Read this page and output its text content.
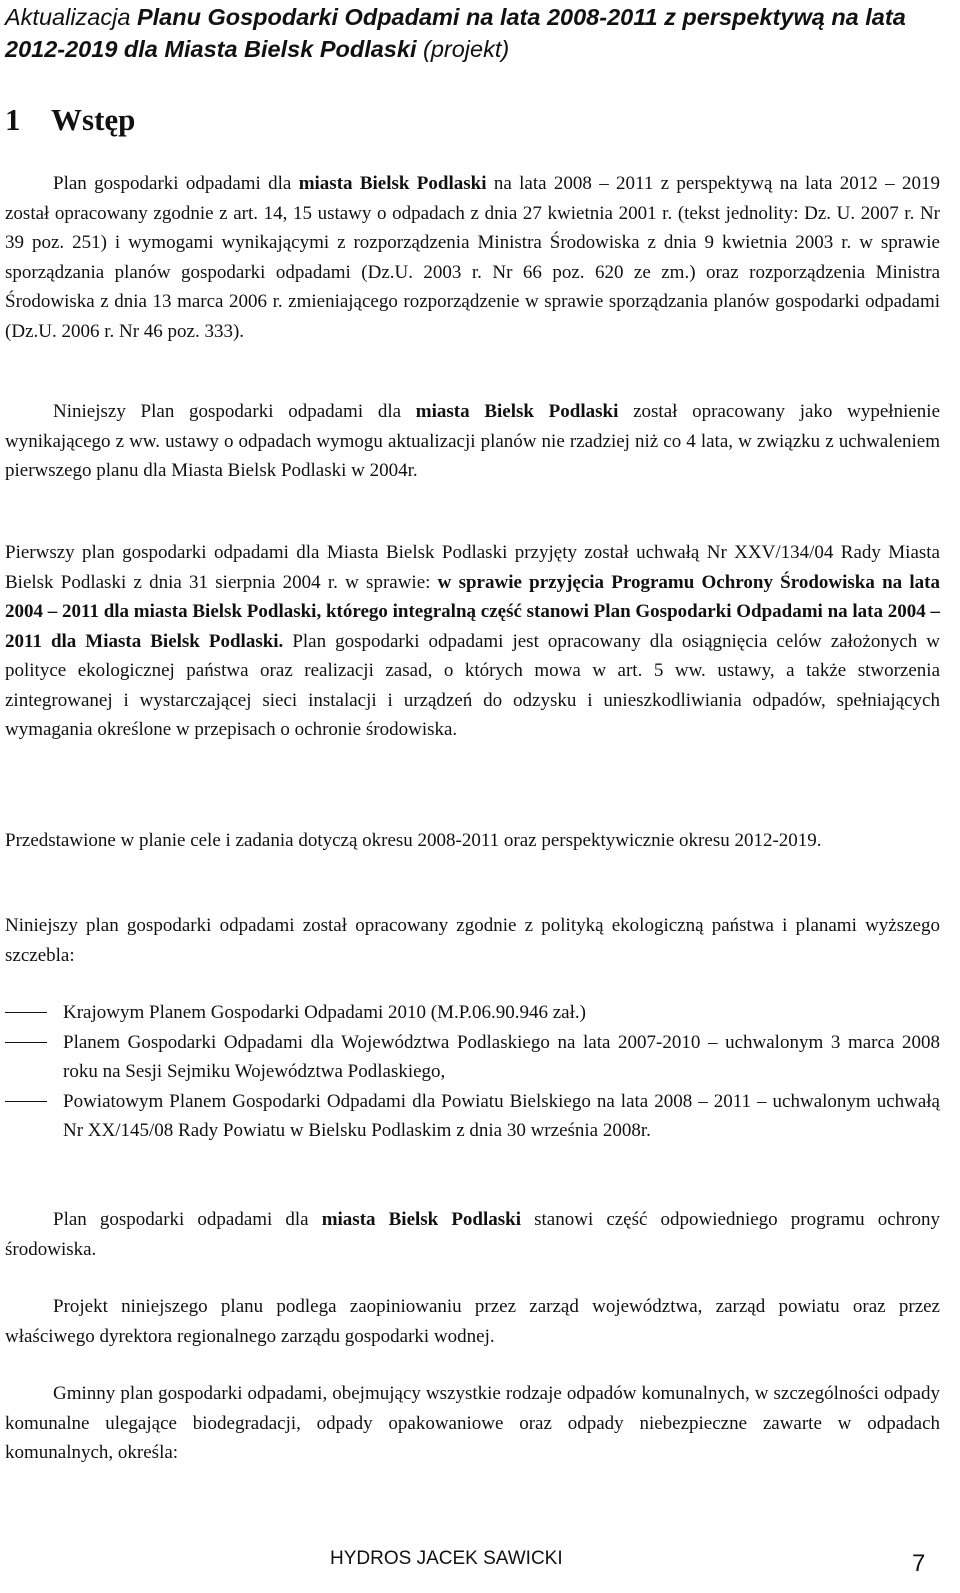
Aktualizacja Planu Gospodarki Odpadami na lata 2008-2011 z perspektywą na lata 2012-2019 dla Miasta Bielsk Podlaski (projekt)
1 Wstęp
Plan gospodarki odpadami dla miasta Bielsk Podlaski na lata 2008 – 2011 z perspektywą na lata 2012 – 2019 został opracowany zgodnie z art. 14, 15 ustawy o odpadach z dnia 27 kwietnia 2001 r. (tekst jednolity: Dz. U. 2007 r. Nr 39 poz. 251) i wymogami wynikającymi z rozporządzenia Ministra Środowiska z dnia 9 kwietnia 2003 r. w sprawie sporządzania planów gospodarki odpadami (Dz.U. 2003 r. Nr 66 poz. 620 ze zm.) oraz rozporządzenia Ministra Środowiska z dnia 13 marca 2006 r. zmieniającego rozporządzenie w sprawie sporządzania planów gospodarki odpadami (Dz.U. 2006 r. Nr 46 poz. 333).
Niniejszy Plan gospodarki odpadami dla miasta Bielsk Podlaski został opracowany jako wypełnienie wynikającego z ww. ustawy o odpadach wymogu aktualizacji planów nie rzadziej niż co 4 lata, w związku z uchwaleniem pierwszego planu dla Miasta Bielsk Podlaski w 2004r.
Pierwszy plan gospodarki odpadami dla Miasta Bielsk Podlaski przyjęty został uchwałą Nr XXV/134/04 Rady Miasta Bielsk Podlaski z dnia 31 sierpnia 2004 r. w sprawie: w sprawie przyjęcia Programu Ochrony Środowiska na lata 2004 – 2011 dla miasta Bielsk Podlaski, którego integralną część stanowi Plan Gospodarki Odpadami na lata 2004 – 2011 dla Miasta Bielsk Podlaski. Plan gospodarki odpadami jest opracowany dla osiągnięcia celów założonych w polityce ekologicznej państwa oraz realizacji zasad, o których mowa w art. 5 ww. ustawy, a także stworzenia zintegrowanej i wystarczającej sieci instalacji i urządzeń do odzysku i unieszkodliwiania odpadów, spełniających wymagania określone w przepisach o ochronie środowiska.
Przedstawione w planie cele i zadania dotyczą okresu 2008-2011 oraz perspektywicznie okresu 2012-2019.
Niniejszy plan gospodarki odpadami został opracowany zgodnie z polityką ekologiczną państwa i planami wyższego szczebla:
Krajowym Planem Gospodarki Odpadami 2010 (M.P.06.90.946 zał.)
Planem Gospodarki Odpadami dla Województwa Podlaskiego na lata 2007-2010 – uchwalonym 3 marca 2008 roku na Sesji Sejmiku Województwa Podlaskiego,
Powiatowym Planem Gospodarki Odpadami dla Powiatu Bielskiego na lata 2008 – 2011 – uchwalonym uchwałą Nr XX/145/08 Rady Powiatu w Bielsku Podlaskim z dnia 30 września 2008r.
Plan gospodarki odpadami dla miasta Bielsk Podlaski stanowi część odpowiedniego programu ochrony środowiska.
Projekt niniejszego planu podlega zaopiniowaniu przez zarząd województwa, zarząd powiatu oraz przez właściwego dyrektora regionalnego zarządu gospodarki wodnej.
Gminny plan gospodarki odpadami, obejmujący wszystkie rodzaje odpadów komunalnych, w szczególności odpady komunalne ulegające biodegradacji, odpady opakowaniowe oraz odpady niebezpieczne zawarte w odpadach komunalnych, określa:
HYDROS JACEK SAWICKI	7
